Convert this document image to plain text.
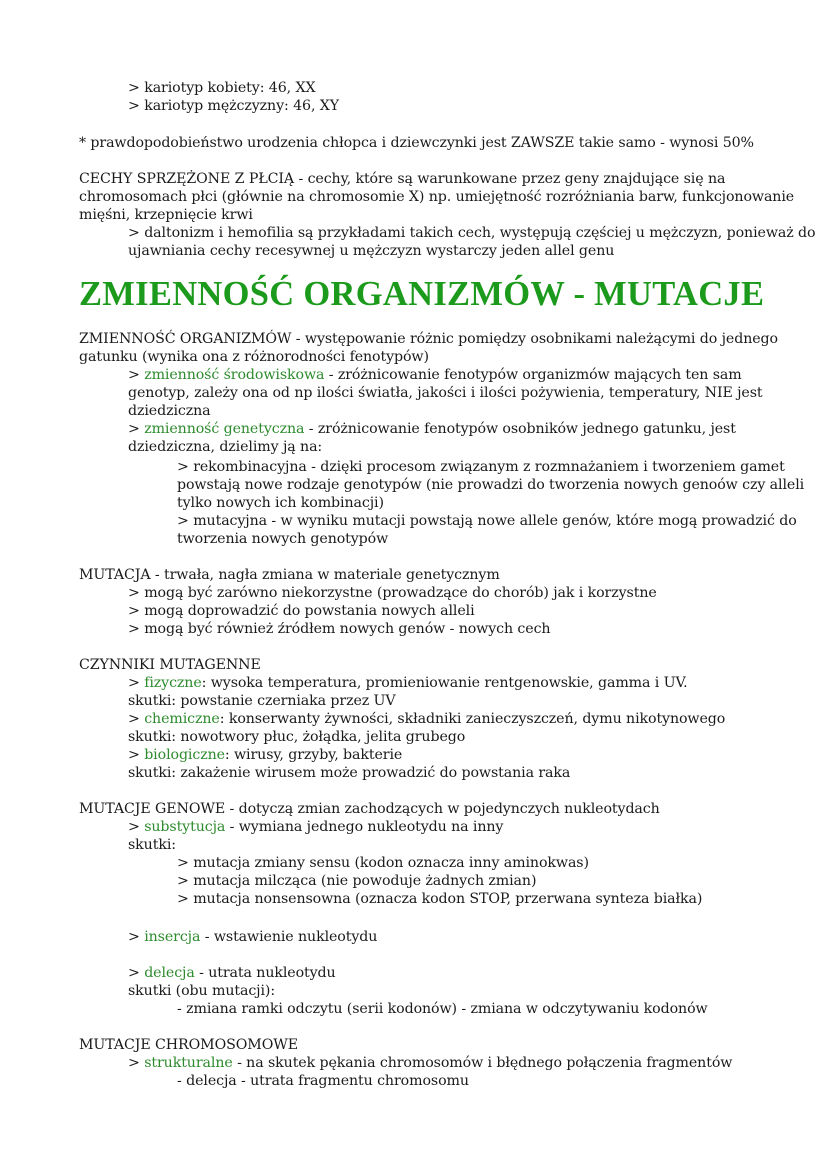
> kariotyp kobiety: 46, XX
> kariotyp mężczyzny: 46, XY
* prawdopodobieństwo urodzenia chłopca i dziewczynki jest ZAWSZE takie samo - wynosi 50%
CECHY SPRZĘŻONE Z PŁCIĄ - cechy, które są warunkowane przez geny znajdujące się na
chromosomach płci (głównie na chromosomie X) np. umiejętność rozróżniania barw, funkcjonowanie
mięśni, krzepnięcie krwi
> daltonizm i hemofilia są przykładami takich cech, występują częściej u mężczyzn, ponieważ do
ujawniania cechy recesywnej u mężczyzn wystarczy jeden allel genu
ZMIENNOŚĆ ORGANIZMÓW - MUTACJE
ZMIENNOŚĆ ORGANIZMÓW - występowanie różnic pomiędzy osobnikami należącymi do jednego
gatunku (wynika ona z różnorodności fenotypów)
> zmienność środowiskowa - zróżnicowanie fenotypów organizmów mających ten sam
genotyp, zależy ona od np ilości światła, jakości i ilości pożywienia, temperatury, NIE jest
dziedziczna
> zmienność genetyczna - zróżnicowanie fenotypów osobników jednego gatunku, jest
dziedziczna, dzielimy ją na:
> rekombinacyjna - dzięki procesom związanym z rozmnażaniem i tworzeniem gamet
powstają nowe rodzaje genotypów (nie prowadzi do tworzenia nowych genoów czy alleli
tylko nowych ich kombinacji)
> mutacyjna - w wyniku mutacji powstają nowe allele genów, które mogą prowadzić do
tworzenia nowych genotypów
MUTACJA - trwała, nagła zmiana w materiale genetycznym
> mogą być zarówno niekorzystne (prowadzące do chorób) jak i korzystne
> mogą doprowadzić do powstania nowych alleli
> mogą być również źródłem nowych genów - nowych cech
CZYNNIKI MUTAGENNE
> fizyczne: wysoka temperatura, promieniowanie rentgenowskie, gamma i UV.
skutki: powstanie czerniaka przez UV
> chemiczne: konserwanty żywności, składniki zanieczyszczeń, dymu nikotynowego
skutki: nowotwory płuc, żołądka, jelita grubego
> biologiczne: wirusy, grzyby, bakterie
skutki: zakażenie wirusem może prowadzić do powstania raka
MUTACJE GENOWE - dotyczą zmian zachodzących w pojedynczych nukleotydach
> substytucja - wymiana jednego nukleotydu na inny
skutki:
> mutacja zmiany sensu (kodon oznacza inny aminokwas)
> mutacja milcząca (nie powoduje żadnych zmian)
> mutacja nonsensowna (oznacza kodon STOP, przerwana synteza białka)
> insercja - wstawienie nukleotydu
> delecja - utrata nukleotydu
skutki (obu mutacji):
- zmiana ramki odczytu (serii kodonów) - zmiana w odczytywaniu kodonów
MUTACJE CHROMOSOMOWE
> strukturalne - na skutek pękania chromosomów i błędnego połączenia fragmentów
- delecja - utrata fragmentu chromosomu
